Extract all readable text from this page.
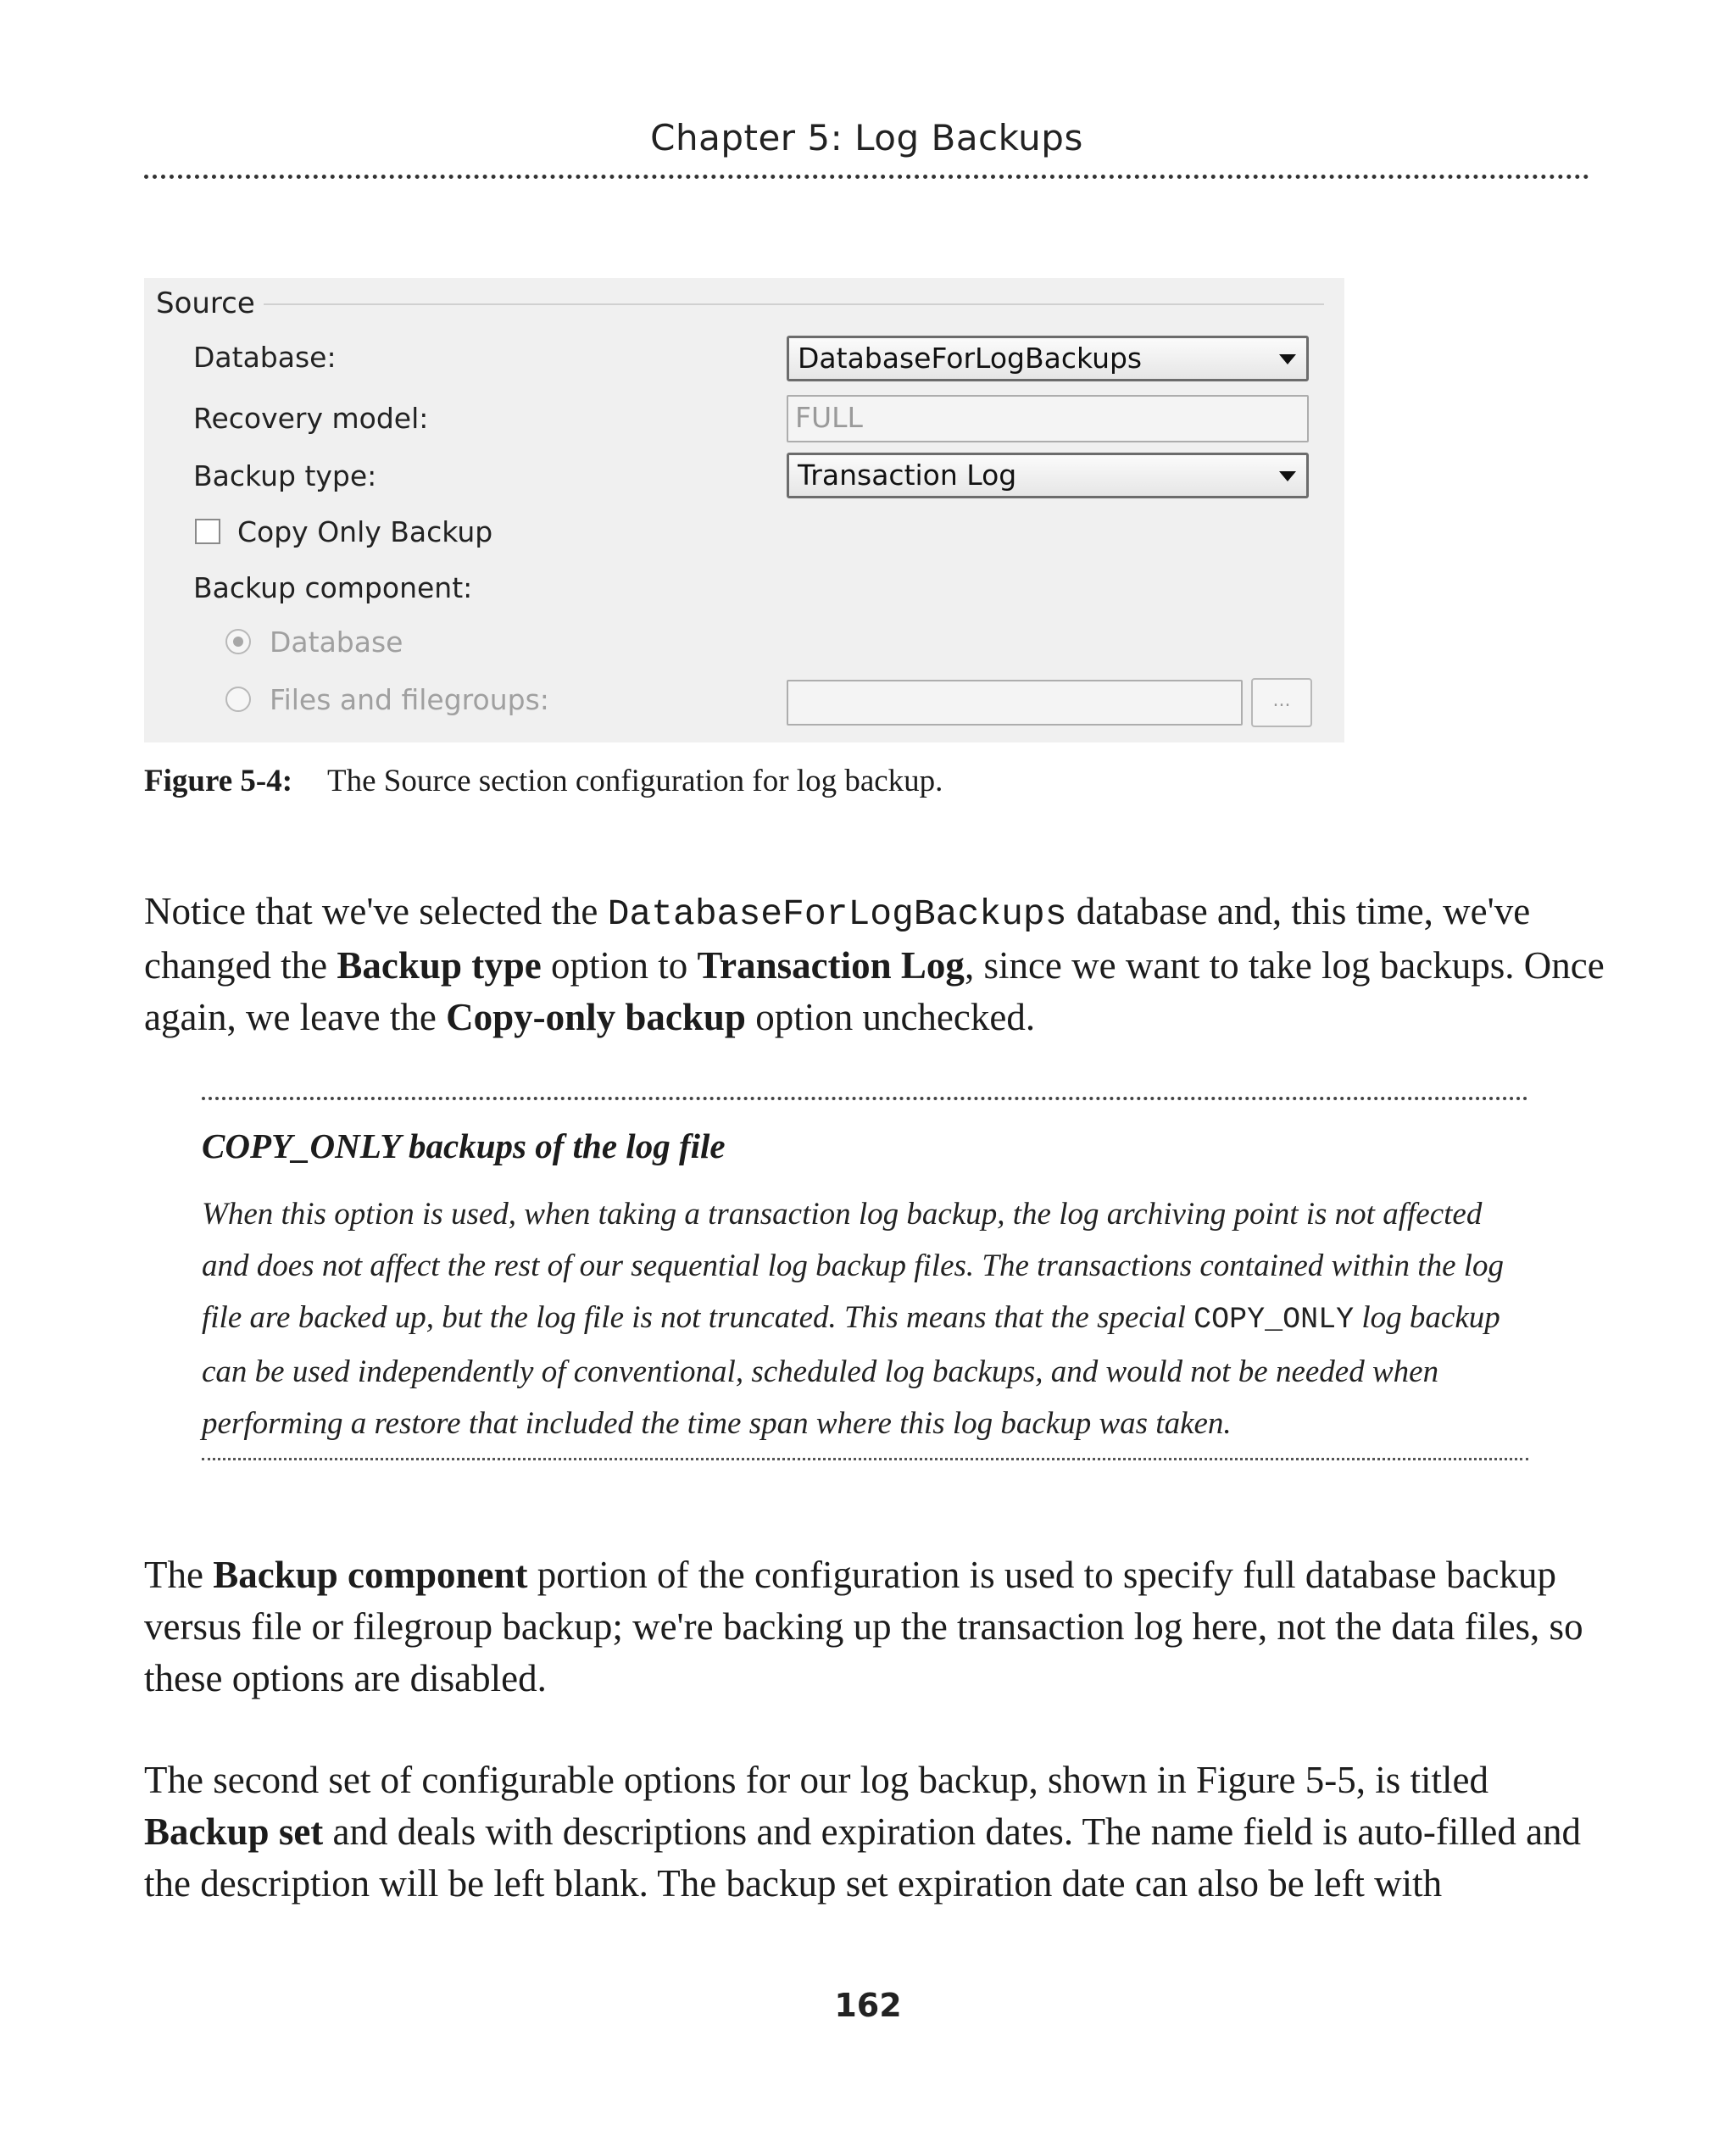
Chapter 5: Log Backups
Source
Database:	DatabaseForLogBackups
Recovery model:	FULL
Backup type:	Transaction Log
Copy Only Backup
Backup component:
Database
Files and filegroups:	...
Figure 5-4: The Source section configuration for log backup.
Notice that we've selected the DatabaseForLogBackups database and, this time, we've changed the Backup type option to Transaction Log, since we want to take log backups. Once again, we leave the Copy-only backup option unchecked.
COPY_ONLY backups of the log file
When this option is used, when taking a transaction log backup, the log archiving point is not affected and does not affect the rest of our sequential log backup files. The transactions contained within the log file are backed up, but the log file is not truncated. This means that the special COPY_ONLY log backup can be used independently of conventional, scheduled log backups, and would not be needed when performing a restore that included the time span where this log backup was taken.
The Backup component portion of the configuration is used to specify full database backup versus file or filegroup backup; we're backing up the transaction log here, not the data files, so these options are disabled.
The second set of configurable options for our log backup, shown in Figure 5-5, is titled Backup set and deals with descriptions and expiration dates. The name field is auto-filled and the description will be left blank. The backup set expiration date can also be left with
162
